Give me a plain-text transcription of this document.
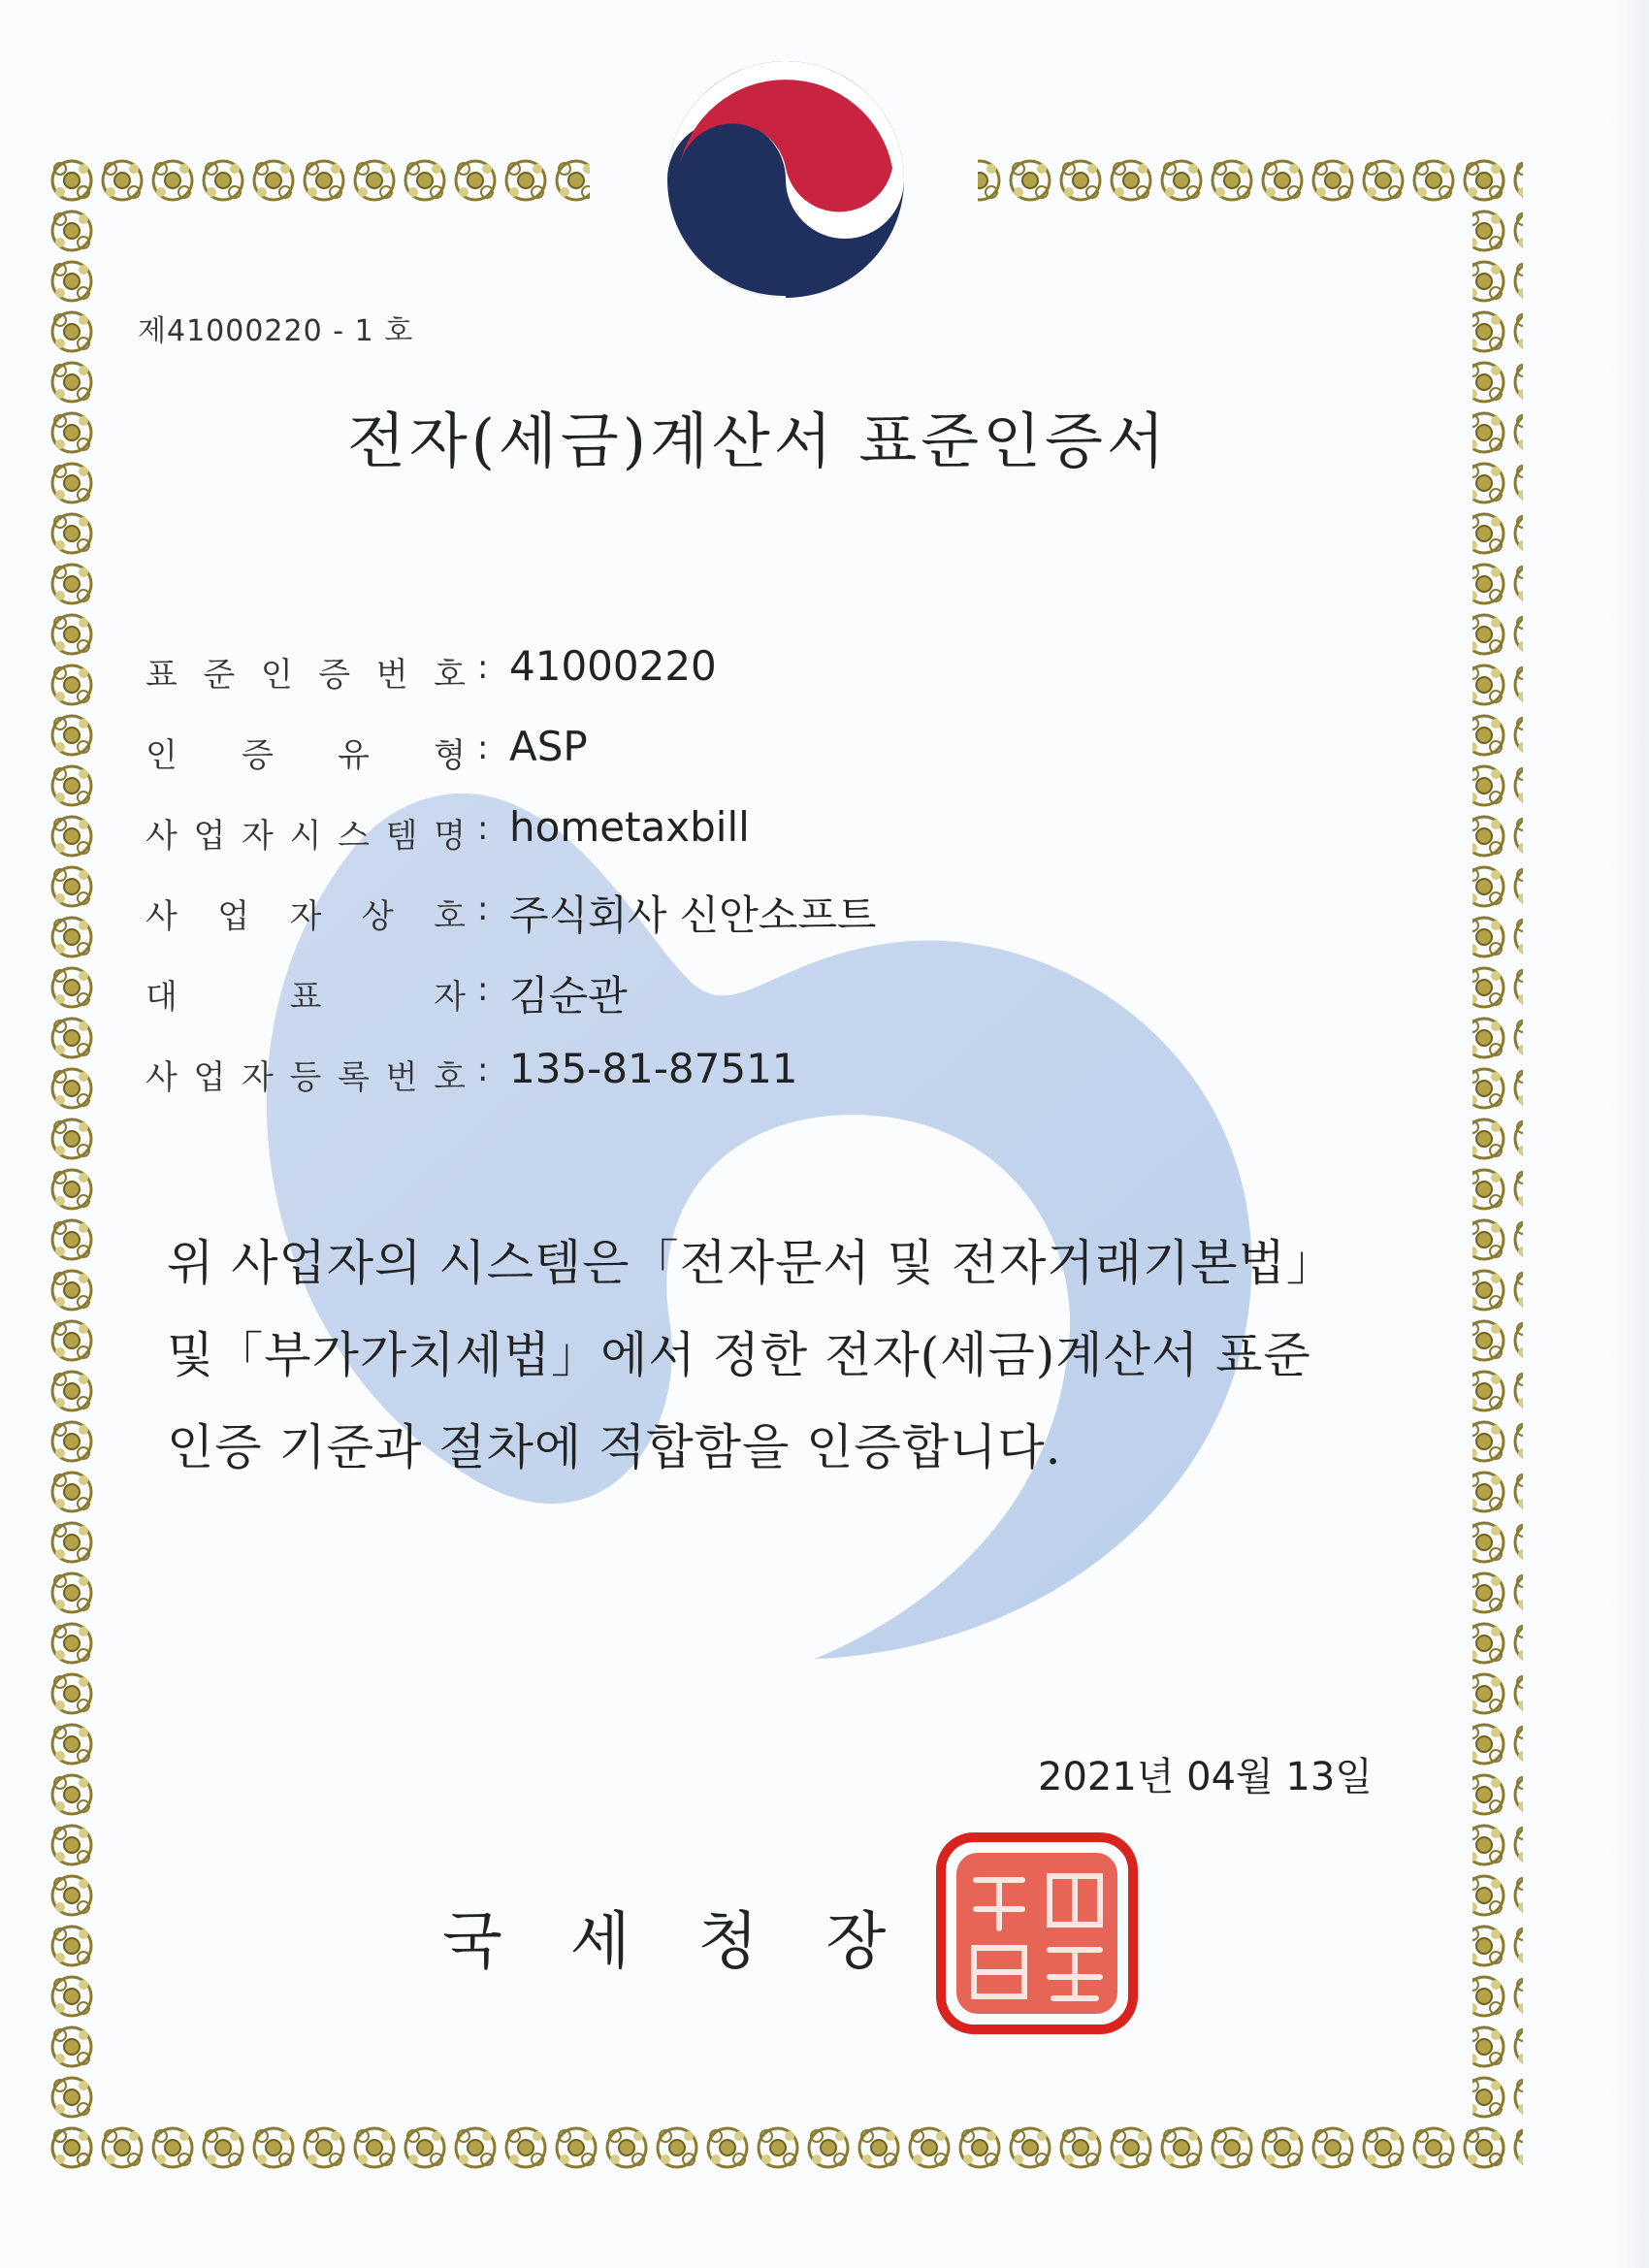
제41000220 - 1 호
전자(세금)계산서 표준인증서
표 준 인 증 번 호 : 41000220
인 증 유 형 : ASP
사 업 자 시 스 템 명 : hometaxbill
사 업 자 상 호 : 주식회사 신안소프트
대	표	자 : 김순관
사 업 자 등 록 번 호 : 135-81-87511
위 사업자의 시스템은「전자문서 및 전자거래기본법」
및「부가가치세법」에서 정한 전자(세금)계산서 표준
인증 기준과 절차에 적합함을 인증합니다.
2021년 04월 13일
국세청장
